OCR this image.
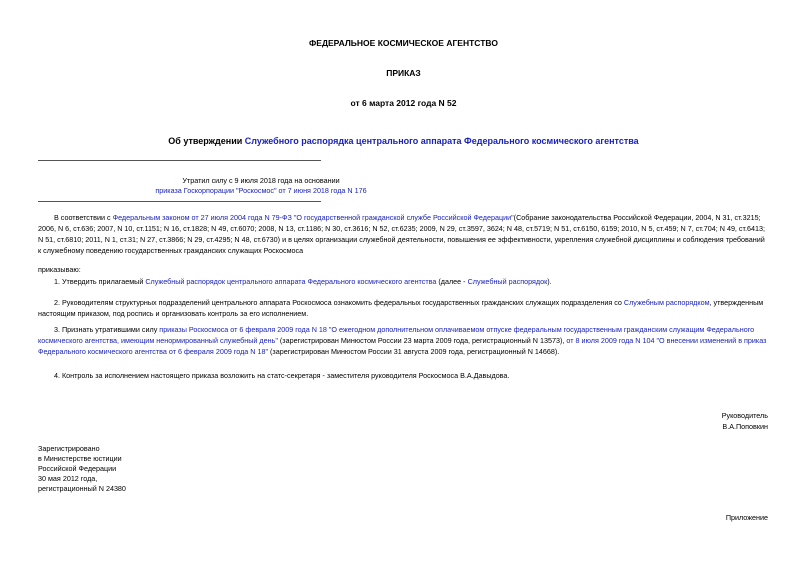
ФЕДЕРАЛЬНОЕ КОСМИЧЕСКОЕ АГЕНТСТВО
ПРИКАЗ
от 6 марта 2012 года N 52
Об утверждении Служебного распорядка центрального аппарата Федерального космического агентства
Утратил силу с 9 июля 2018 года на основании
приказа Госкорпорации "Роскосмос" от 7 июня 2018 года N 176

В соответствии с Федеральным законом от 27 июля 2004 года N 79-ФЗ "О государственной гражданской службе Российской Федерации"(Собрание законодательства Российской Федерации, 2004, N 31, ст.3215; 2006, N 6, ст.636; 2007, N 10, ст.1151; N 16, ст.1828; N 49, ст.6070; 2008, N 13, ст.1186; N 30, ст.3616; N 52, ст.6235; 2009, N 29, ст.3597, 3624; N 48, ст.5719; N 51, ст.6150, 6159; 2010, N 5, ст.459; N 7, ст.704; N 49, ст.6413; N 51, ст.6810; 2011, N 1, ст.31; N 27, ст.3866; N 29, ст.4295; N 48, ст.6730) и в целях организации служебной деятельности, повышения ее эффективности, укрепления служебной дисциплины и соблюдения требований к служебному поведению государственных гражданских служащих Роскосмоса

приказываю:

1. Утвердить прилагаемый Служебный распорядок центрального аппарата Федерального космического агентства (далее - Служебный распорядок).

2. Руководителям структурных подразделений центрального аппарата Роскосмоса ознакомить федеральных государственных гражданских служащих подразделения со Служебным распорядком, утвержденным настоящим приказом, под роспись и организовать контроль за его исполнением.

3. Признать утратившими силу приказы Роскосмоса от 6 февраля 2009 года N 18 "О ежегодном дополнительном оплачиваемом отпуске федеральным государственным гражданским служащим Федерального космического агентства, имеющим ненормированный служебный день" (зарегистрирован Минюстом России 23 марта 2009 года, регистрационный N 13573), от 8 июля 2009 года N 104 "О внесении изменений в приказ Федерального космического агентства от 6 февраля 2009 года N 18" (зарегистрирован Минюстом России 31 августа 2009 года, регистрационный N 14668).

4. Контроль за исполнением настоящего приказа возложить на статс-секретаря - заместителя руководителя Роскосмоса В.А.Давыдова.

Руководитель
В.А.Поповкин
Зарегистрировано
в Министерстве юстиции
Российской Федерации
30 мая 2012 года,
регистрационный N 24380
Приложение
